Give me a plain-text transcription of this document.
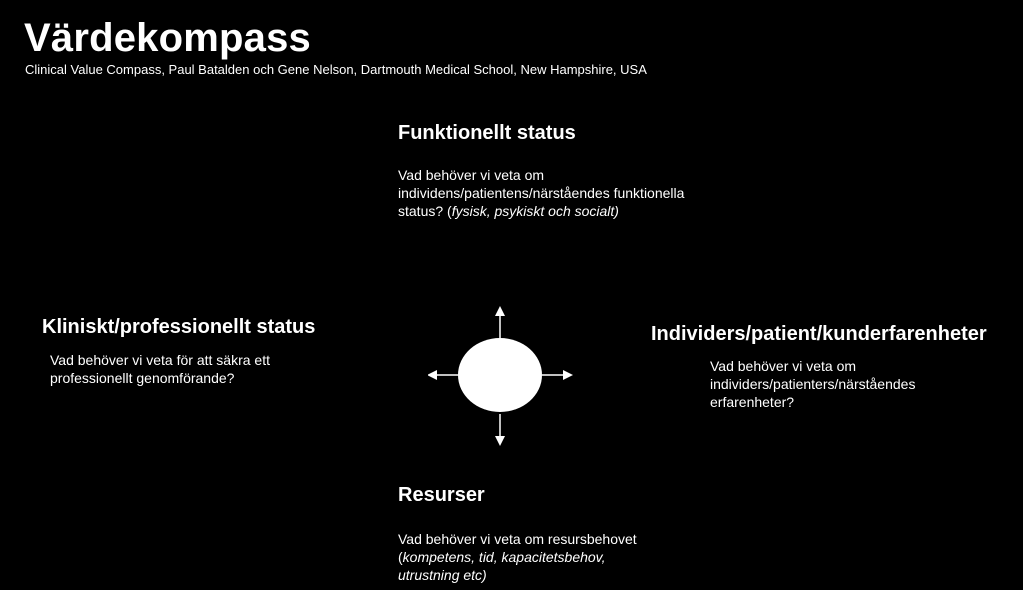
Värdekompass
Clinical Value Compass, Paul Batalden och Gene Nelson, Dartmouth Medical School, New Hampshire, USA
Funktionellt status
Vad behöver vi veta om
individens/patientens/närståendes funktionella
status? (fysisk, psykiskt och socialt)
Kliniskt/professionellt status
Vad behöver vi veta för att säkra ett
professionellt genomförande?
Individers/patient/kunderfarenheter
Vad behöver vi veta om
individers/patienters/närståendes
erfarenheter?
Resurser
Vad behöver vi veta om resursbehovet
(kompetens, tid, kapacitetsbehov,
utrustning etc)
